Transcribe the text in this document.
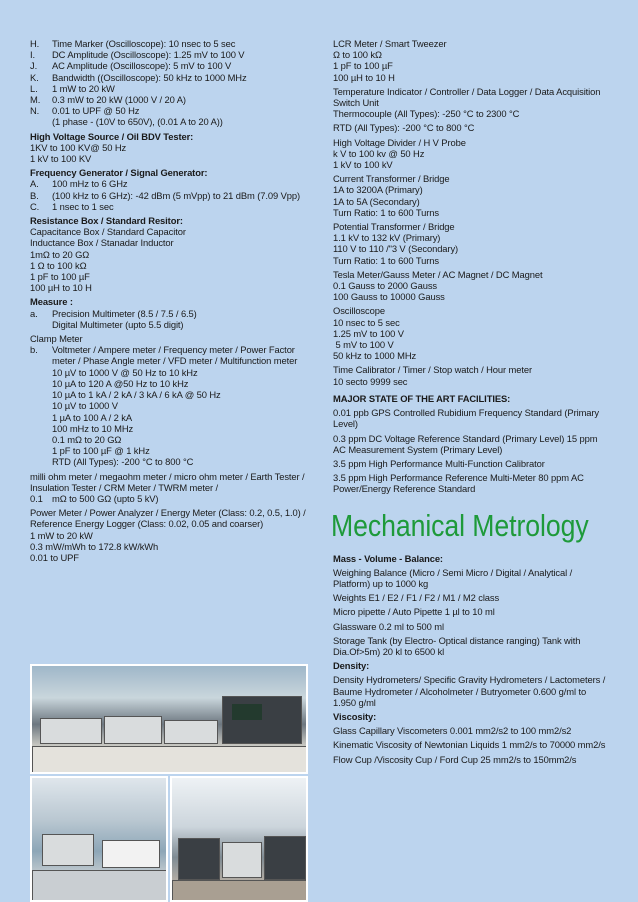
H.	Time Marker (Oscilloscope): 10 nsec to 5 sec
I.	DC Amplitude (Oscilloscope): 1.25 mV to 100 V
J.	AC Amplitude (Oscilloscope): 5 mV to 100 V
K.	Bandwidth ((Oscilloscope): 50 kHz to 1000 MHz
L.	1 mW to 20 kW
M.	0.3 mW to 20 kW (1000 V / 20 A)
N.	0.01 to UPF @ 50 Hz
(1 phase - (10V to 650V), (0.01 A to 20 A))
High Voltage Source / Oil BDV Tester:
1KV to 100 KV@ 50 Hz
1 kV to 100 KV
Frequency Generator / Signal Generator:
A.	100 mHz to 6 GHz
B.	(100 kHz to 6 GHz): -42 dBm (5 mVpp) to 21 dBm (7.09 Vpp)
C.	1 nsec to 1 sec
Resistance Box / Standard Resitor:
Capacitance Box / Standard Capacitor
Inductance Box / Stanadar Inductor
1mΩ to 20 GΩ
1 Ω to 100 kΩ
1 pF to 100 µF
100 µH to 10 H
Measure :
a.	Precision Multimeter (8.5 / 7.5 / 6.5)
Digital Multimeter (upto 5.5 digit)
Clamp Meter
b.	Voltmeter / Ampere meter / Frequency meter / Power Factor meter / Phase Angle meter / VFD meter / Multifunction meter
10 µV to 1000 V @ 50 Hz to 10 kHz
10 µA to 120 A @50 Hz to 10 kHz
10 µA to 1 kA / 2 kA / 3 kA / 6 kA @ 50 Hz
10 µV to 1000 V
1 µA to 100 A / 2 kA
100 mHz to 10 MHz
0.1 mΩ to 20 GΩ
1 pF to 100 µF @ 1 kHz
RTD (All Types): -200 °C to 800 °C
milli ohm meter / megaohm meter / micro ohm meter / Earth Tester / Insulation Tester / CRM Meter / TWRM meter /
0.1 mΩ to 500 GΩ (upto 5 kV)
Power Meter / Power Analyzer / Energy Meter (Class: 0.2, 0.5, 1.0) / Reference Energy Logger (Class: 0.02, 0.05 and coarser)
1 mW to 20 kW
0.3 mW/mWh to 172.8 kW/kWh
0.01 to UPF
LCR Meter / Smart Tweezer
Ω to 100 kΩ
1 pF to 100 µF
100 µH to 10 H
Temperature Indicator / Controller / Data Logger / Data Acquisition Switch Unit
Thermocouple (All Types): -250 °C to 2300 °C
RTD (All Types): -200 °C to 800 °C
High Voltage Divider / H V Probe
k V to 100 kv @ 50 Hz
1 kV to 100 kV
Current Transformer / Bridge
1A to 3200A (Primary)
1A to 5A (Secondary)
Turn Ratio: 1 to 600 Turns
Potential Transformer / Bridge
1.1 kV to 132 kV (Primary)
110 V to 110 /"3 V (Secondary)
Turn Ratio: 1 to 600 Turns
Tesla Meter/Gauss Meter / AC Magnet / DC Magnet
0.1 Gauss to 2000 Gauss
100 Gauss to 10000 Gauss
Oscilloscope
10 nsec to 5 sec
1.25 mV to 100 V
5 mV to 100 V
50 kHz to 1000 MHz
Time Calibrator / Timer / Stop watch / Hour meter
10 secto 9999 sec
MAJOR STATE OF THE ART FACILITIES:
0.01 ppb GPS Controlled Rubidium Frequency Standard (Primary Level)
0.3 ppm DC Voltage Reference Standard (Primary Level) 15 ppm AC Measurement System (Primary Level)
3.5 ppm High Performance Multi-Function Calibrator
3.5 ppm High Performance Reference Multi-Meter 80 ppm AC Power/Energy Reference Standard
Mechanical Metrology
Mass - Volume - Balance:
Weighing Balance (Micro / Semi Micro / Digital / Analytical / Platform) up to 1000 kg
Weights E1 / E2 / F1 / F2 / M1 / M2 class
Micro pipette / Auto Pipette 1 µl to 10 ml
Glassware 0.2 ml to 500 ml
Storage Tank (by Electro- Optical distance ranging) Tank with Dia.Of>5m) 20 kl to 6500 kl
Density:
Density Hydrometers/ Specific Gravity Hydrometers / Lactometers / Baume Hydrometer / Alcoholmeter / Butryometer 0.600 g/ml to 1.950 g/ml
Viscosity:
Glass Capillary Viscometers 0.001 mm2/s2 to 100 mm2/s2
Kinematic Viscosity of Newtonian Liquids 1 mm2/s to 70000 mm2/s
Flow Cup /Viscosity Cup / Ford Cup 25 mm2/s to 150mm2/s
